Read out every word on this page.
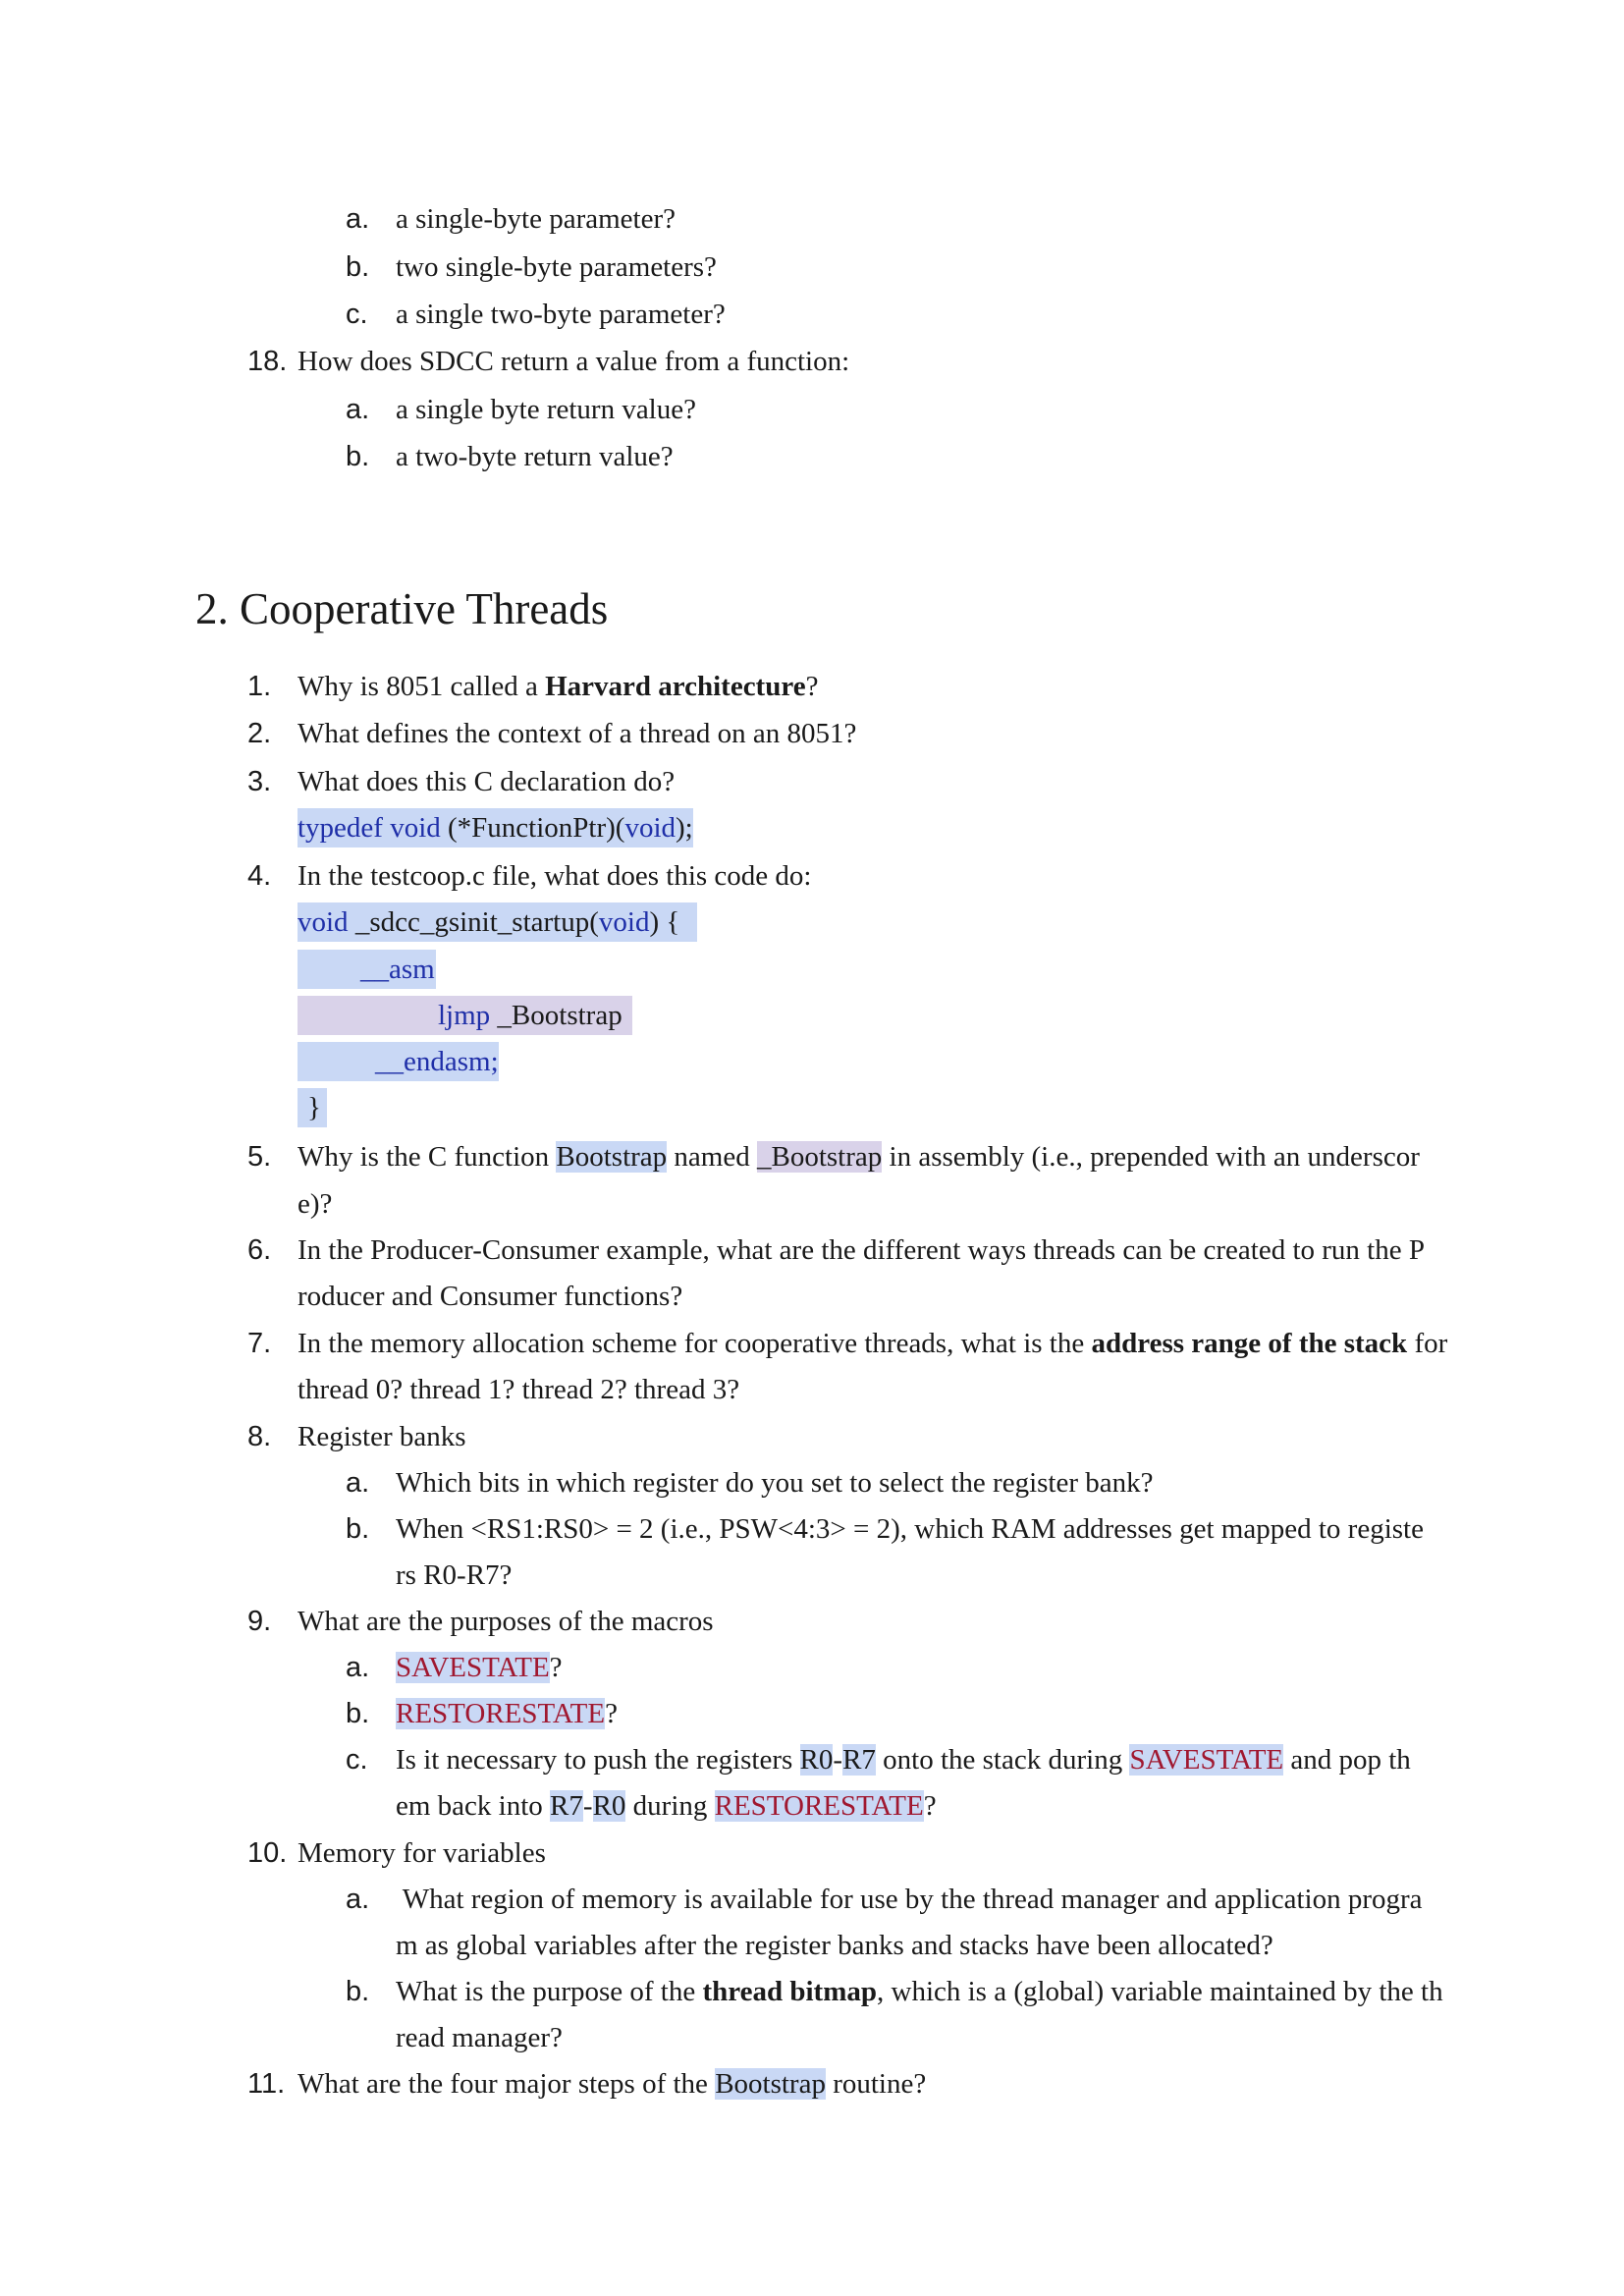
a. a single-byte parameter?
b. two single-byte parameters?
c. a single two-byte parameter?
18. How does SDCC return a value from a function:
a. a single byte return value?
b. a two-byte return value?
2. Cooperative Threads
1. Why is 8051 called a Harvard architecture?
2. What defines the context of a thread on an 8051?
3. What does this C declaration do?
typedef void (*FunctionPtr)(void);
4. In the testcoop.c file, what does this code do:
void _sdcc_gsinit_startup(void) {
__asm
ljmp _Bootstrap
__endasm;
}
5. Why is the C function Bootstrap named _Bootstrap in assembly (i.e., prepended with an underscor
e)?
6. In the Producer-Consumer example, what are the different ways threads can be created to run the P
roducer and Consumer functions?
7. In the memory allocation scheme for cooperative threads, what is the address range of the stack for
thread 0? thread 1? thread 2? thread 3?
8. Register banks
a. Which bits in which register do you set to select the register bank?
b. When <RS1:RS0> = 2 (i.e., PSW<4:3> = 2), which RAM addresses get mapped to registe
rs R0-R7?
9. What are the purposes of the macros
a. SAVESTATE?
b. RESTORESTATE?
c. Is it necessary to push the registers R0-R7 onto the stack during SAVESTATE and pop th
em back into R7-R0 during RESTORESTATE?
10. Memory for variables
a. What region of memory is available for use by the thread manager and application progra
m as global variables after the register banks and stacks have been allocated?
b. What is the purpose of the thread bitmap, which is a (global) variable maintained by the th
read manager?
11. What are the four major steps of the Bootstrap routine?
